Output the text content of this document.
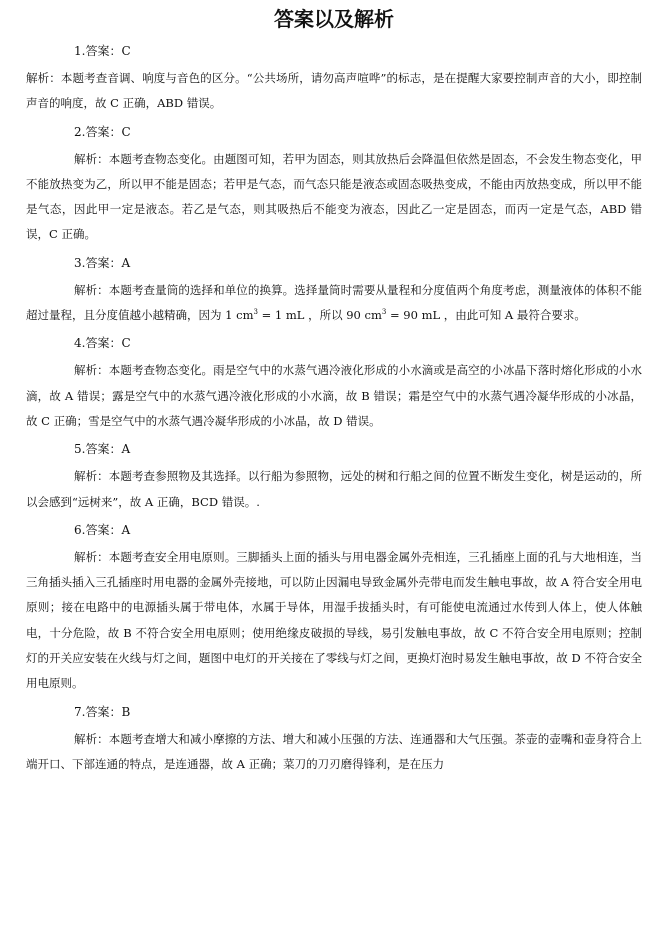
答案以及解析
1.答案：C
解析：本题考查音调、响度与音色的区分。“公共场所，请勿高声喧哗”的标志，是在提醒大家要控制声音的大小，即控制声音的响度，故 C 正确，ABD 错误。
2.答案：C
解析：本题考查物态变化。由题图可知，若甲为固态，则其放热后会降温但依然是固态，不会发生物态变化，甲不能放热变为乙，所以甲不能是固态；若甲是气态，而气态只能是液态或固态吸热变成，不能由丙放热变成，所以甲不能是气态，因此甲一定是液态。若乙是气态，则其吸热后不能变为液态，因此乙一定是固态，而丙一定是气态，ABD 错误，C 正确。
3.答案：A
解析：本题考查量筒的选择和单位的换算。选择量筒时需要从量程和分度值两个角度考虑，测量液体的体积不能超过量程，且分度值越小越精确，因为 1 $cm^3 = 1$ mL ，所以 90 $cm^3 = 90$ mL ，由此可知 A 最符合要求。
4.答案：C
解析：本题考查物态变化。雨是空气中的水蒸气遇冷液化形成的小水滴或是高空的小冰晶下落时熔化形成的小水滴，故 A 错误；露是空气中的水蒸气遇冷液化形成的小水滴，故 B 错误；霜是空气中的水蒸气遇冷凝华形成的小冰晶，故 C 正确；雪是空气中的水蒸气遇冷凝华形成的小冰晶，故 D 错误。
5.答案：A
解析：本题考查参照物及其选择。以行船为参照物，远处的树和行船之间的位置不断发生变化，树是运动的，所以会感到“远树来”，故 A 正确，BCD 错误。.
6.答案：A
解析：本题考查安全用电原则。三脚插头上面的插头与用电器金属外壳相连，三孔插座上面的孔与大地相连，当三角插头插入三孔插座时用电器的金属外壳接地，可以防止因漏电导致金属外壳带电而发生触电事故，故 A 符合安全用电原则；接在电路中的电源插头属于带电体，水属于导体，用湿手拔插头时，有可能使电流通过水传到人体上，使人体触电，十分危险，故 B 不符合安全用电原则；使用绝缘皮破损的导线，易引发触电事故，故 C 不符合安全用电原则；控制灯的开关应安装在火线与灯之间，题图中电灯的开关接在了零线与灯之间，更换灯泡时易发生触电事故，故 D 不符合安全用电原则。
7.答案：B
解析：本题考查增大和减小摩擦的方法、增大和减小压强的方法、连通器和大气压强。茶壶的壶嘴和壶身符合上端开口、下部连通的特点，是连通器，故 A 正确；菜刀的刀刃磨得锋利，是在压力
